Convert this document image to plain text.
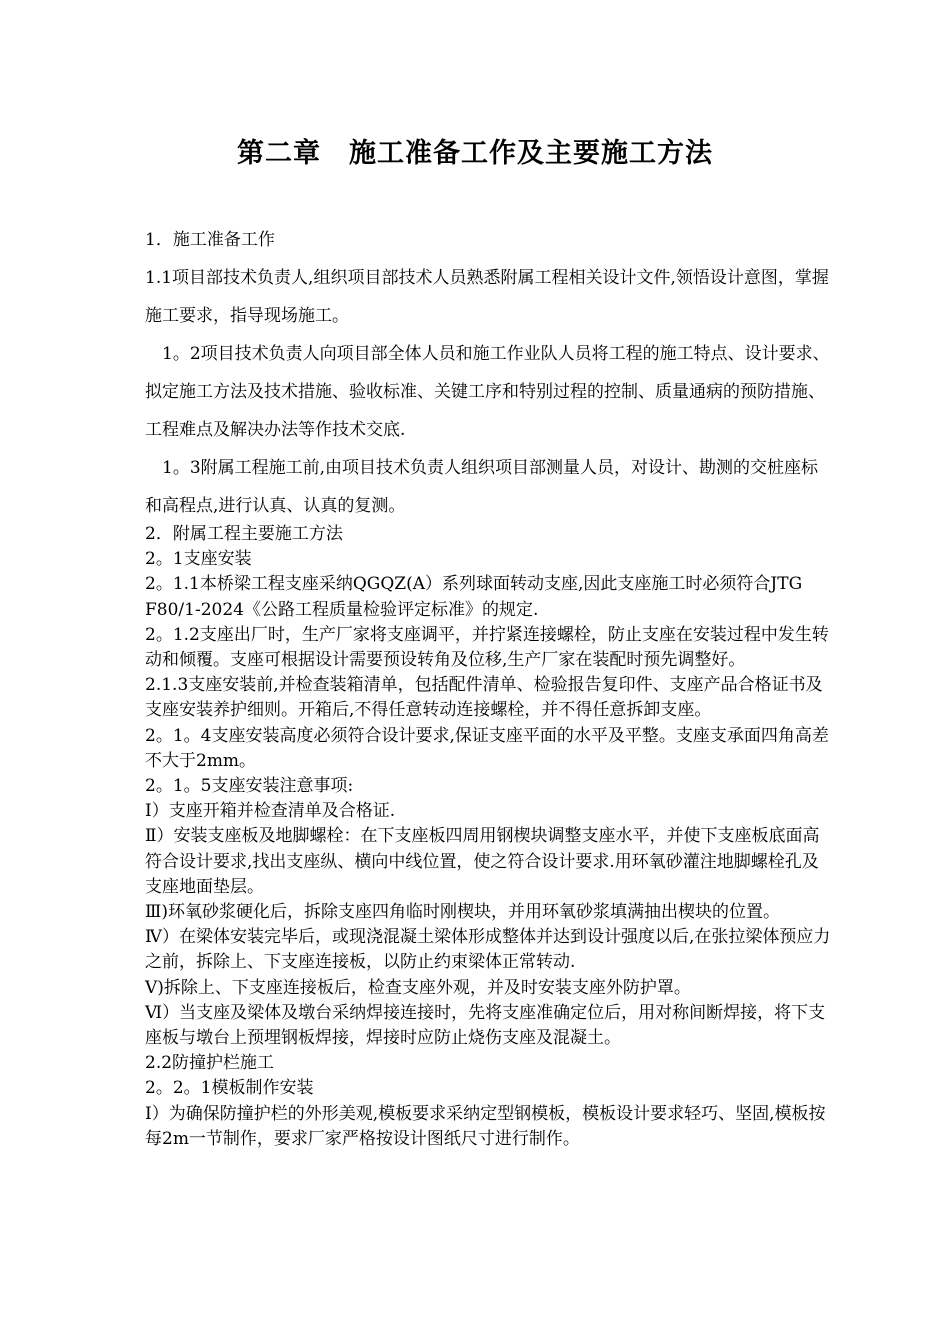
第二章　施工准备工作及主要施工方法

1．施工准备工作

1.1项目部技术负责人,组织项目部技术人员熟悉附属工程相关设计文件,领悟设计意图，掌握施工要求，指导现场施工。

1。2项目技术负责人向项目部全体人员和施工作业队人员将工程的施工特点、设计要求、拟定施工方法及技术措施、验收标准、关键工序和特别过程的控制、质量通病的预防措施、工程难点及解决办法等作技术交底.

1。3附属工程施工前,由项目技术负责人组织项目部测量人员，对设计、勘测的交桩座标和高程点,进行认真、认真的复测。

2．附属工程主要施工方法

2。1支座安装

2。1.1本桥梁工程支座采纳QGQZ(A）系列球面转动支座,因此支座施工时必须符合JTG F80/1-2024《公路工程质量检验评定标准》的规定.

2。1.2支座出厂时，生产厂家将支座调平，并拧紧连接螺栓，防止支座在安装过程中发生转动和倾覆。支座可根据设计需要预设转角及位移,生产厂家在装配时预先调整好。

2.1.3支座安装前,并检查装箱清单，包括配件清单、检验报告复印件、支座产品合格证书及支座安装养护细则。开箱后,不得任意转动连接螺栓，并不得任意拆卸支座。

2。1。4支座安装高度必须符合设计要求,保证支座平面的水平及平整。支座支承面四角高差不大于2mm。

2。1。5支座安装注意事项:

Ⅰ）支座开箱并检查清单及合格证.

Ⅱ）安装支座板及地脚螺栓：在下支座板四周用钢楔块调整支座水平，并使下支座板底面高符合设计要求,找出支座纵、横向中线位置，使之符合设计要求.用环氧砂灌注地脚螺栓孔及支座地面垫层。

Ⅲ)环氧砂浆硬化后，拆除支座四角临时刚楔块，并用环氧砂浆填满抽出楔块的位置。

Ⅳ）在梁体安装完毕后，或现浇混凝土梁体形成整体并达到设计强度以后,在张拉梁体预应力之前，拆除上、下支座连接板，以防止约束梁体正常转动.

Ⅴ)拆除上、下支座连接板后，检查支座外观，并及时安装支座外防护罩。

Ⅵ）当支座及梁体及墩台采纳焊接连接时，先将支座准确定位后，用对称间断焊接，将下支座板与墩台上预埋钢板焊接，焊接时应防止烧伤支座及混凝土。

2.2防撞护栏施工

2。2。1模板制作安装

Ⅰ）为确保防撞护栏的外形美观,模板要求采纳定型钢模板，模板设计要求轻巧、坚固,模板按每2m一节制作，要求厂家严格按设计图纸尺寸进行制作。
